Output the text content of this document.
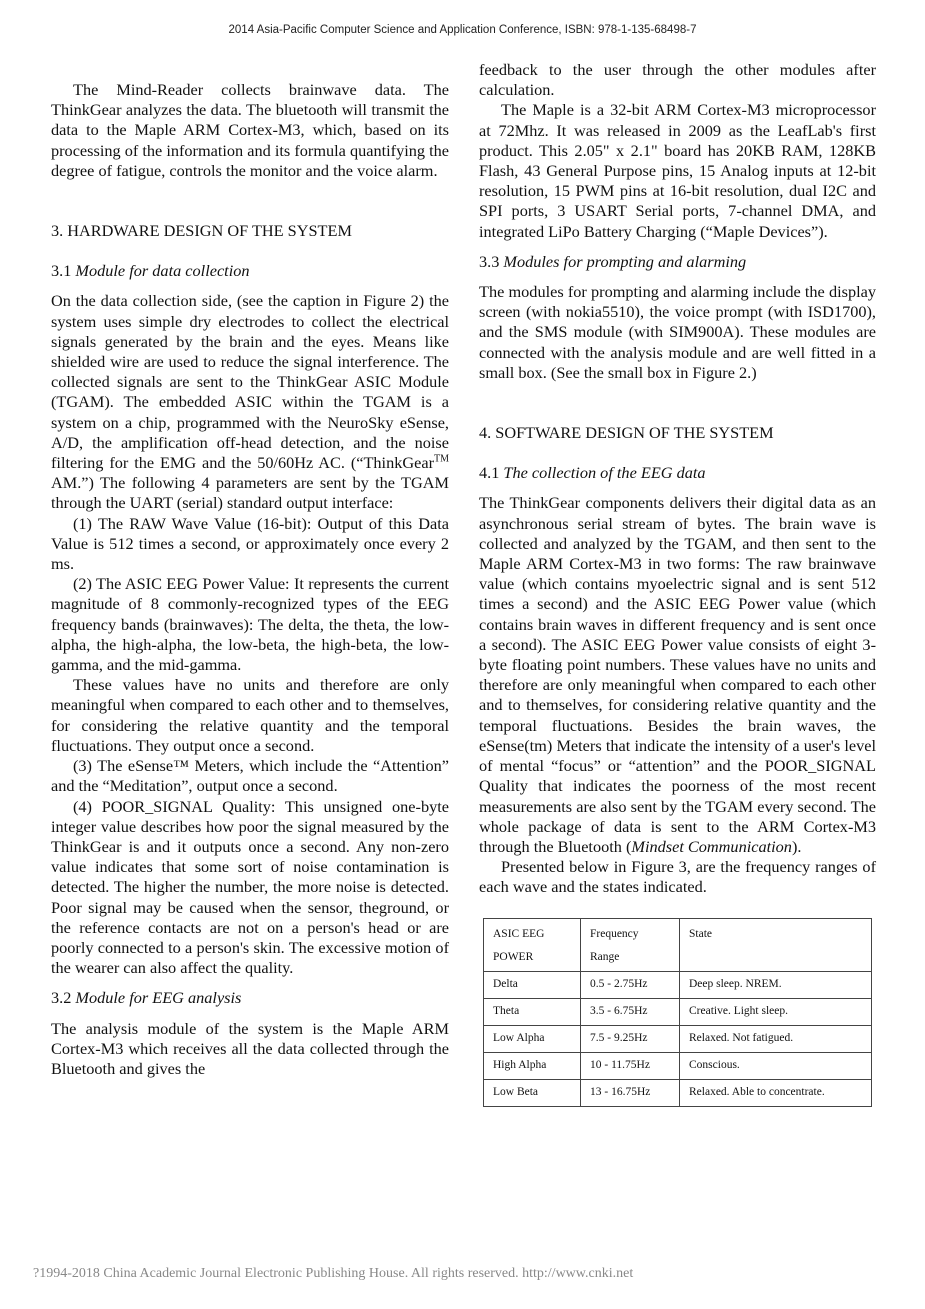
2014 Asia-Pacific Computer Science and Application Conference, ISBN: 978-1-135-68498-7

The Mind-Reader collects brainwave data. The ThinkGear analyzes the data. The bluetooth will transmit the data to the Maple ARM Cortex-M3, which, based on its processing of the information and its formula quantifying the degree of fatigue, controls the monitor and the voice alarm.

3. HARDWARE DESIGN OF THE SYSTEM
3.1 Module for data collection

On the data collection side, (see the caption in Figure 2) the system uses simple dry electrodes to collect the electrical signals generated by the brain and the eyes. Means like shielded wire are used to reduce the signal interference. The collected signals are sent to the ThinkGear ASIC Module (TGAM). The embedded ASIC within the TGAM is a system on a chip, programmed with the NeuroSky eSense, A/D, the amplification off-head detection, and the noise filtering for the EMG and the 50/60Hz AC. (“ThinkGear™ AM.”) The following 4 parameters are sent by the TGAM through the UART (serial) standard output interface:

(1) The RAW Wave Value (16-bit): Output of this Data Value is 512 times a second, or approximately once every 2 ms.

(2) The ASIC EEG Power Value: It represents the current magnitude of 8 commonly-recognized types of the EEG frequency bands (brainwaves): The delta, the theta, the low-alpha, the high-alpha, the low-beta, the high-beta, the low-gamma, and the mid-gamma.

These values have no units and therefore are only meaningful when compared to each other and to themselves, for considering the relative quantity and the temporal fluctuations. They output once a second.

(3) The eSense™ Meters, which include the “Attention” and the “Meditation”, output once a second.

(4) POOR_SIGNAL Quality: This unsigned one-byte integer value describes how poor the signal measured by the ThinkGear is and it outputs once a second. Any non-zero value indicates that some sort of noise contamination is detected. The higher the number, the more noise is detected. Poor signal may be caused when the sensor, theground, or the reference contacts are not on a person's head or are poorly connected to a person's skin. The excessive motion of the wearer can also affect the quality.

3.2 Module for EEG analysis

The analysis module of the system is the Maple ARM Cortex-M3 which receives all the data collected through the Bluetooth and gives the

feedback to the user through the other modules after calculation.

The Maple is a 32-bit ARM Cortex-M3 microprocessor at 72Mhz. It was released in 2009 as the LeafLab's first product. This 2.05" x 2.1" board has 20KB RAM, 128KB Flash, 43 General Purpose pins, 15 Analog inputs at 12-bit resolution, 15 PWM pins at 16-bit resolution, dual I2C and SPI ports, 3 USART Serial ports, 7-channel DMA, and integrated LiPo Battery Charging (“Maple Devices”).

3.3 Modules for prompting and alarming

The modules for prompting and alarming include the display screen (with nokia5510), the voice prompt (with ISD1700), and the SMS module (with SIM900A). These modules are connected with the analysis module and are well fitted in a small box. (See the small box in Figure 2.)

4. SOFTWARE DESIGN OF THE SYSTEM
4.1 The collection of the EEG data

The ThinkGear components delivers their digital data as an asynchronous serial stream of bytes. The brain wave is collected and analyzed by the TGAM, and then sent to the Maple ARM Cortex-M3 in two forms: The raw brainwave value (which contains myoelectric signal and is sent 512 times a second) and the ASIC EEG Power value (which contains brain waves in different frequency and is sent once a second). The ASIC EEG Power value consists of eight 3-byte floating point numbers. These values have no units and therefore are only meaningful when compared to each other and to themselves, for considering relative quantity and the temporal fluctuations. Besides the brain waves, the eSense(tm) Meters that indicate the intensity of a user's level of mental “focus” or “attention” and the POOR_SIGNAL Quality that indicates the poorness of the most recent measurements are also sent by the TGAM every second. The whole package of data is sent to the ARM Cortex-M3 through the Bluetooth (Mindset Communication).

Presented below in Figure 3, are the frequency ranges of each wave and the states indicated.

ASIC EEG	Frequency	State
POWER	Range	
Delta	0.5 - 2.75Hz	Deep sleep. NREM.
Theta	3.5 - 6.75Hz	Creative. Light sleep.
Low Alpha	7.5 - 9.25Hz	Relaxed. Not fatigued.
High Alpha	10 - 11.75Hz	Conscious.
Low Beta	13 - 16.75Hz	Relaxed. Able to concentrate.
?1994-2018 China Academic Journal Electronic Publishing House. All rights reserved. http://www.cnki.net
